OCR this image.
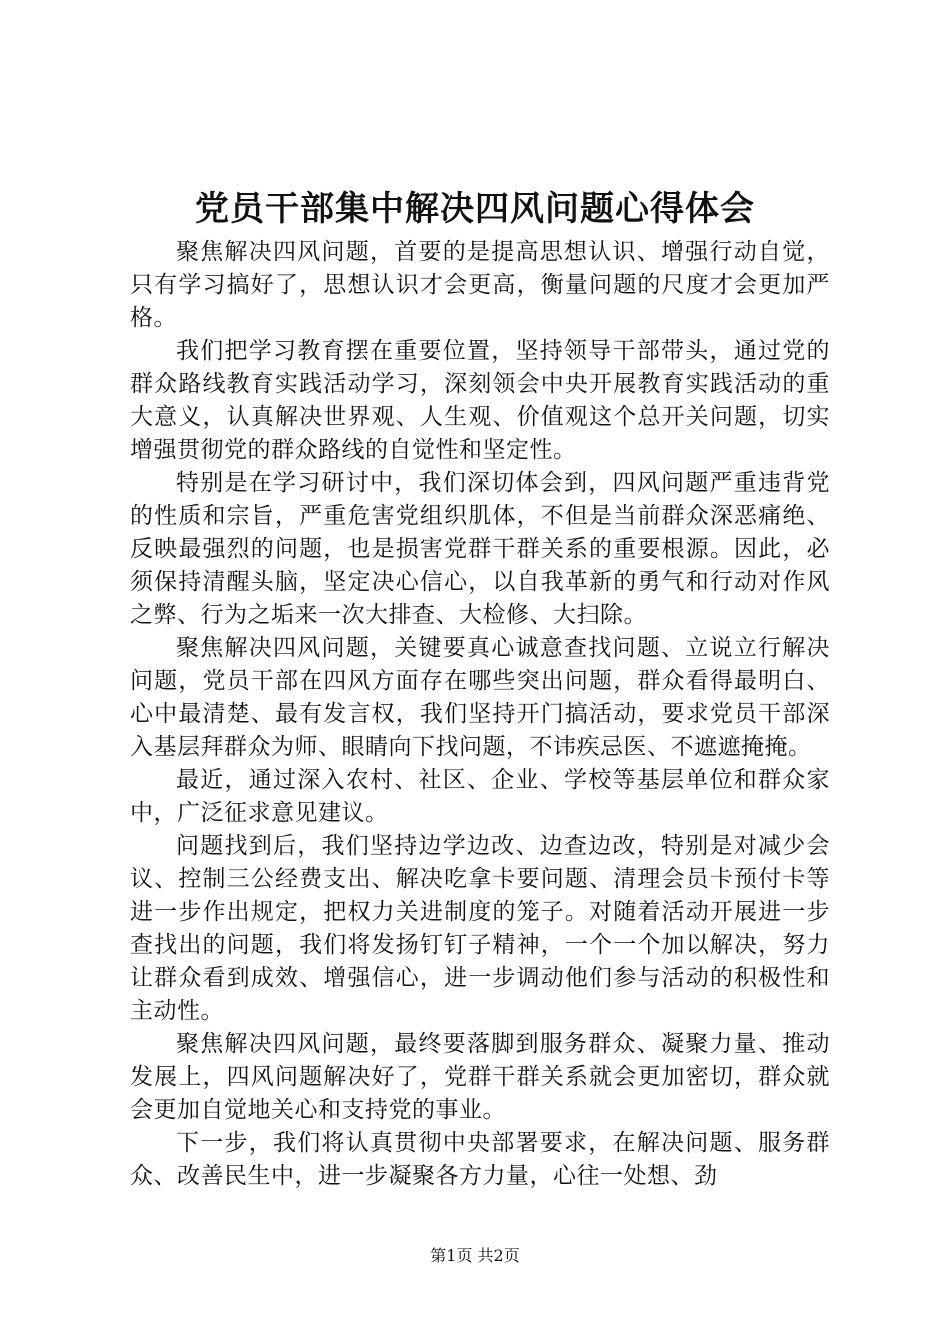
党员干部集中解决四风问题心得体会

聚焦解决四风问题，首要的是提高思想认识、增强行动自觉，只有学习搞好了，思想认识才会更高，衡量问题的尺度才会更加严格。

我们把学习教育摆在重要位置，坚持领导干部带头，通过党的群众路线教育实践活动学习，深刻领会中央开展教育实践活动的重大意义，认真解决世界观、人生观、价值观这个总开关问题，切实增强贯彻党的群众路线的自觉性和坚定性。

特别是在学习研讨中，我们深切体会到，四风问题严重违背党的性质和宗旨，严重危害党组织肌体，不但是当前群众深恶痛绝、反映最强烈的问题，也是损害党群干群关系的重要根源。因此，必须保持清醒头脑，坚定决心信心，以自我革新的勇气和行动对作风之弊、行为之垢来一次大排查、大检修、大扫除。

聚焦解决四风问题，关键要真心诚意查找问题、立说立行解决问题，党员干部在四风方面存在哪些突出问题，群众看得最明白、心中最清楚、最有发言权，我们坚持开门搞活动，要求党员干部深入基层拜群众为师、眼睛向下找问题，不讳疾忌医、不遮遮掩掩。

最近，通过深入农村、社区、企业、学校等基层单位和群众家中，广泛征求意见建议。

问题找到后，我们坚持边学边改、边查边改，特别是对减少会议、控制三公经费支出、解决吃拿卡要问题、清理会员卡预付卡等进一步作出规定，把权力关进制度的笼子。对随着活动开展进一步查找出的问题，我们将发扬钉钉子精神，一个一个加以解决，努力让群众看到成效、增强信心，进一步调动他们参与活动的积极性和主动性。

聚焦解决四风问题，最终要落脚到服务群众、凝聚力量、推动发展上，四风问题解决好了，党群干群关系就会更加密切，群众就会更加自觉地关心和支持党的事业。

下一步，我们将认真贯彻中央部署要求，在解决问题、服务群众、改善民生中，进一步凝聚各方力量，心往一处想、劲

第1页 共2页
